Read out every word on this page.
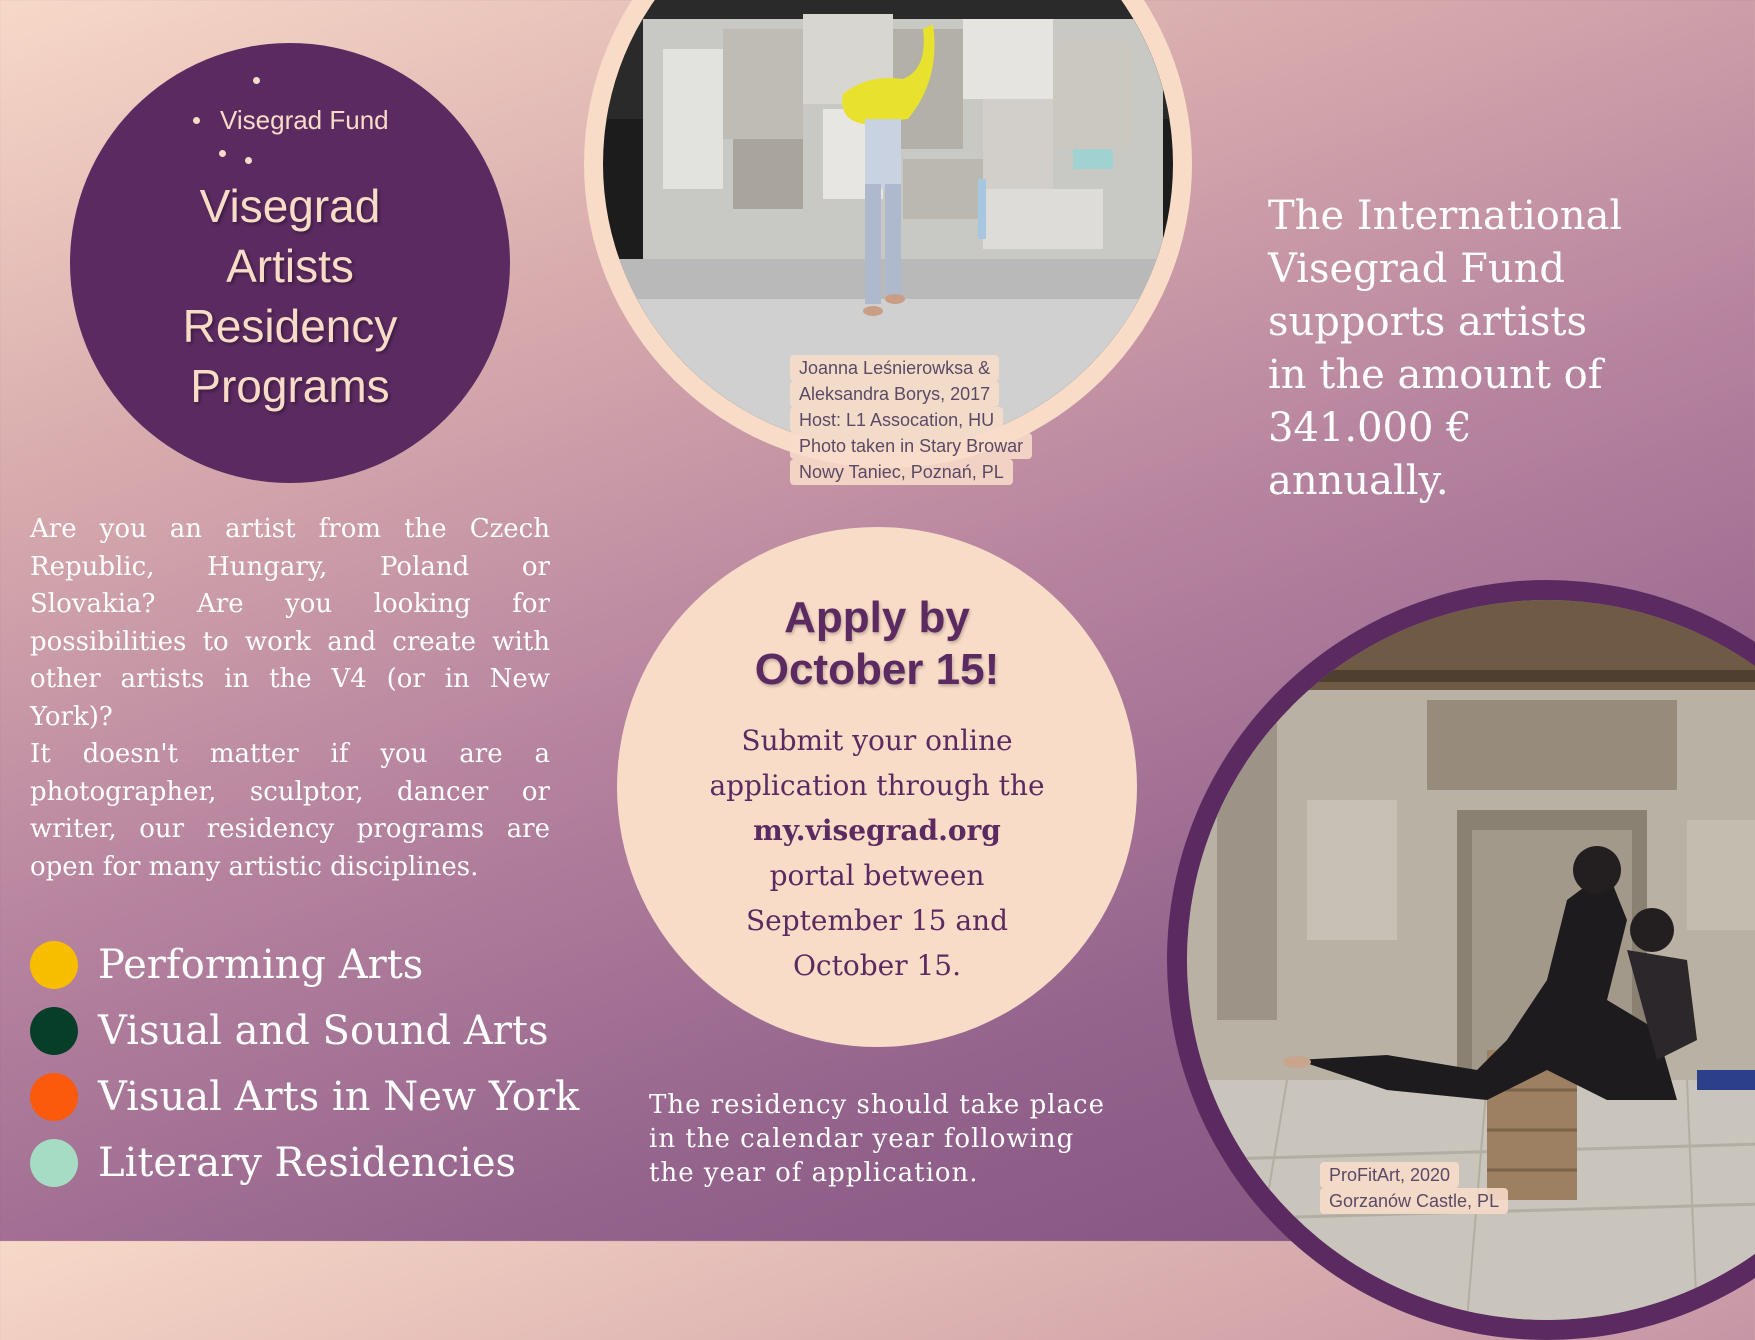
Visegrad Fund
Visegrad
Artists
Residency
Programs
Are you an artist from the Czech Republic, Hungary, Poland or Slovakia? Are you looking for possibilities to work and create with other artists in the V4 (or in New York)?
It doesn't matter if you are a photographer, sculptor, dancer or writer, our residency programs are open for many artistic disciplines.
Performing Arts
Visual and Sound Arts
Visual Arts in New York
Literary Residencies
Joanna Leśnierowksa &
Aleksandra Borys, 2017
Host: L1 Assocation, HU
Photo taken in Stary Browar
Nowy Taniec, Poznań, PL
Apply by
October 15!
Submit your online
application through the
my.visegrad.org
portal between
September 15 and
October 15.
The residency should take place
in the calendar year following
the year of application.
The International
Visegrad Fund
supports artists
in the amount of
341.000 €
annually.
ProFitArt, 2020
Gorzanów Castle, PL
